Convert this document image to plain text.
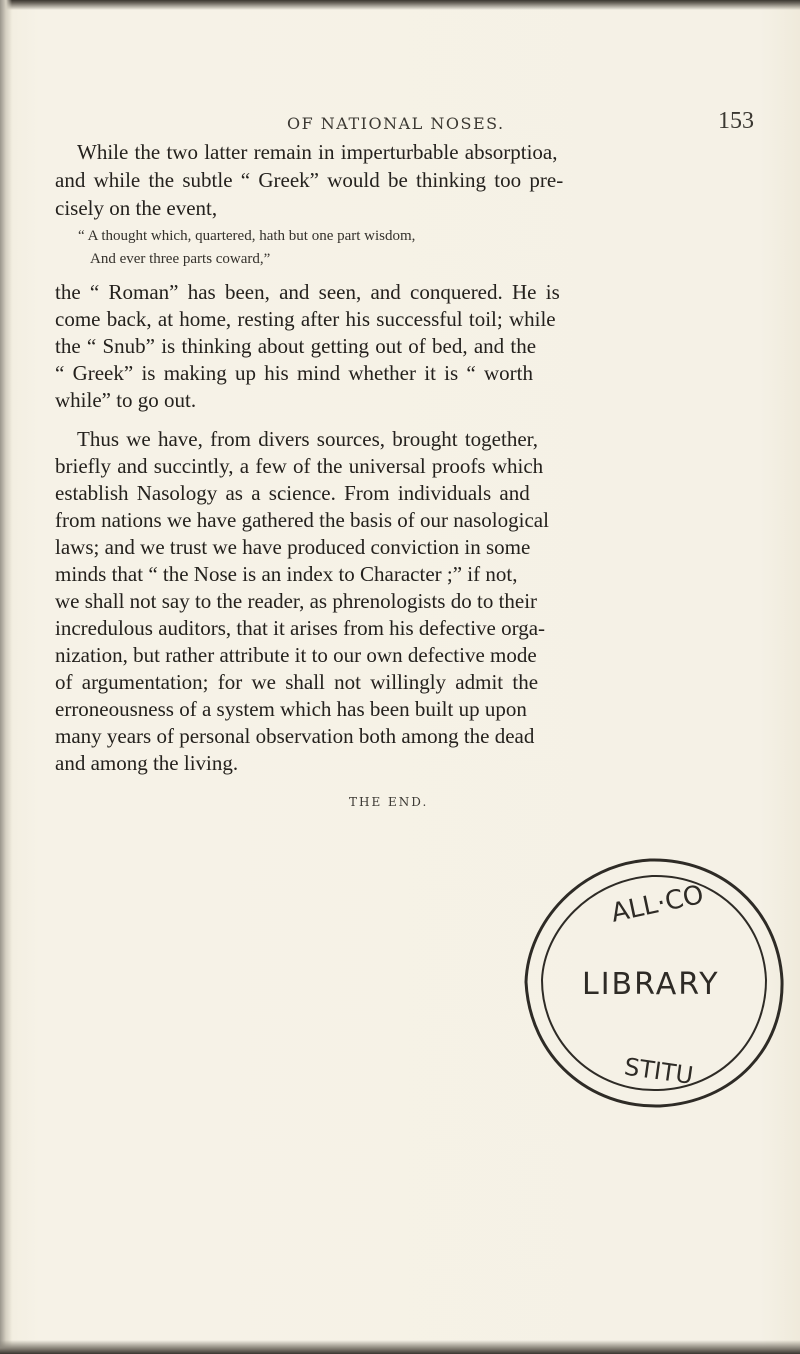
OF NATIONAL NOSES.	153
While the two latter remain in imperturbable absorptioa,
and while the subtle “ Greek” would be thinking too pre-
cisely on the event,
“ A thought which, quartered, hath but one part wisdom,
And ever three parts coward,”
the “ Roman” has been, and seen, and conquered. He is
come back, at home, resting after his successful toil; while
the “ Snub” is thinking about getting out of bed, and the
“ Greek” is making up his mind whether it is “ worth
while” to go out.
Thus we have, from divers sources, brought together,
briefly and succintly, a few of the universal proofs which
establish Nasology as a science. From individuals and
from nations we have gathered the basis of our nasological
laws; and we trust we have produced conviction in some
minds that “ the Nose is an index to Character ;” if not,
we shall not say to the reader, as phrenologists do to their
incredulous auditors, that it arises from his defective orga-
nization, but rather attribute it to our own defective mode
of argumentation; for we shall not willingly admit the
erroneousness of a system which has been built up upon
many years of personal observation both among the dead
and among the living.
THE END.
ALL·CO
LIBRARY
STITU
